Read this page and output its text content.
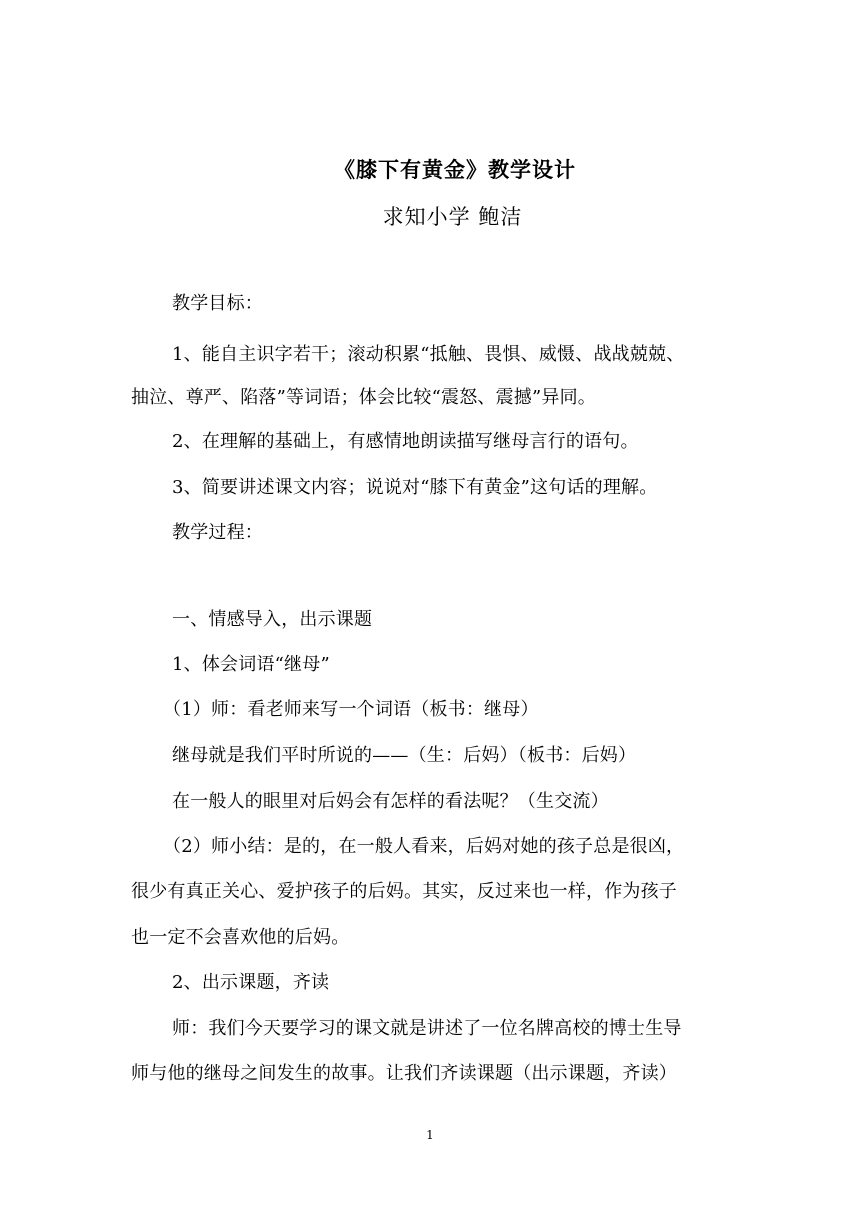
《膝下有黄金》教学设计
求知小学 鲍洁
教学目标：
1、能自主识字若干；滚动积累“抵触、畏惧、威慑、战战兢兢、
抽泣、尊严、陷落”等词语；体会比较“震怒、震撼”异同。
2、在理解的基础上，有感情地朗读描写继母言行的语句。
3、简要讲述课文内容；说说对“膝下有黄金”这句话的理解。
教学过程：
一、情感导入，出示课题
1、体会词语“继母”
（1）师：看老师来写一个词语（板书：继母）
继母就是我们平时所说的——（生：后妈）（板书：后妈）
在一般人的眼里对后妈会有怎样的看法呢？（生交流）
（2）师小结：是的，在一般人看来，后妈对她的孩子总是很凶，
很少有真正关心、爱护孩子的后妈。其实，反过来也一样，作为孩子
也一定不会喜欢他的后妈。
2、出示课题，齐读
师：我们今天要学习的课文就是讲述了一位名牌高校的博士生导
师与他的继母之间发生的故事。让我们齐读课题（出示课题，齐读）
1
